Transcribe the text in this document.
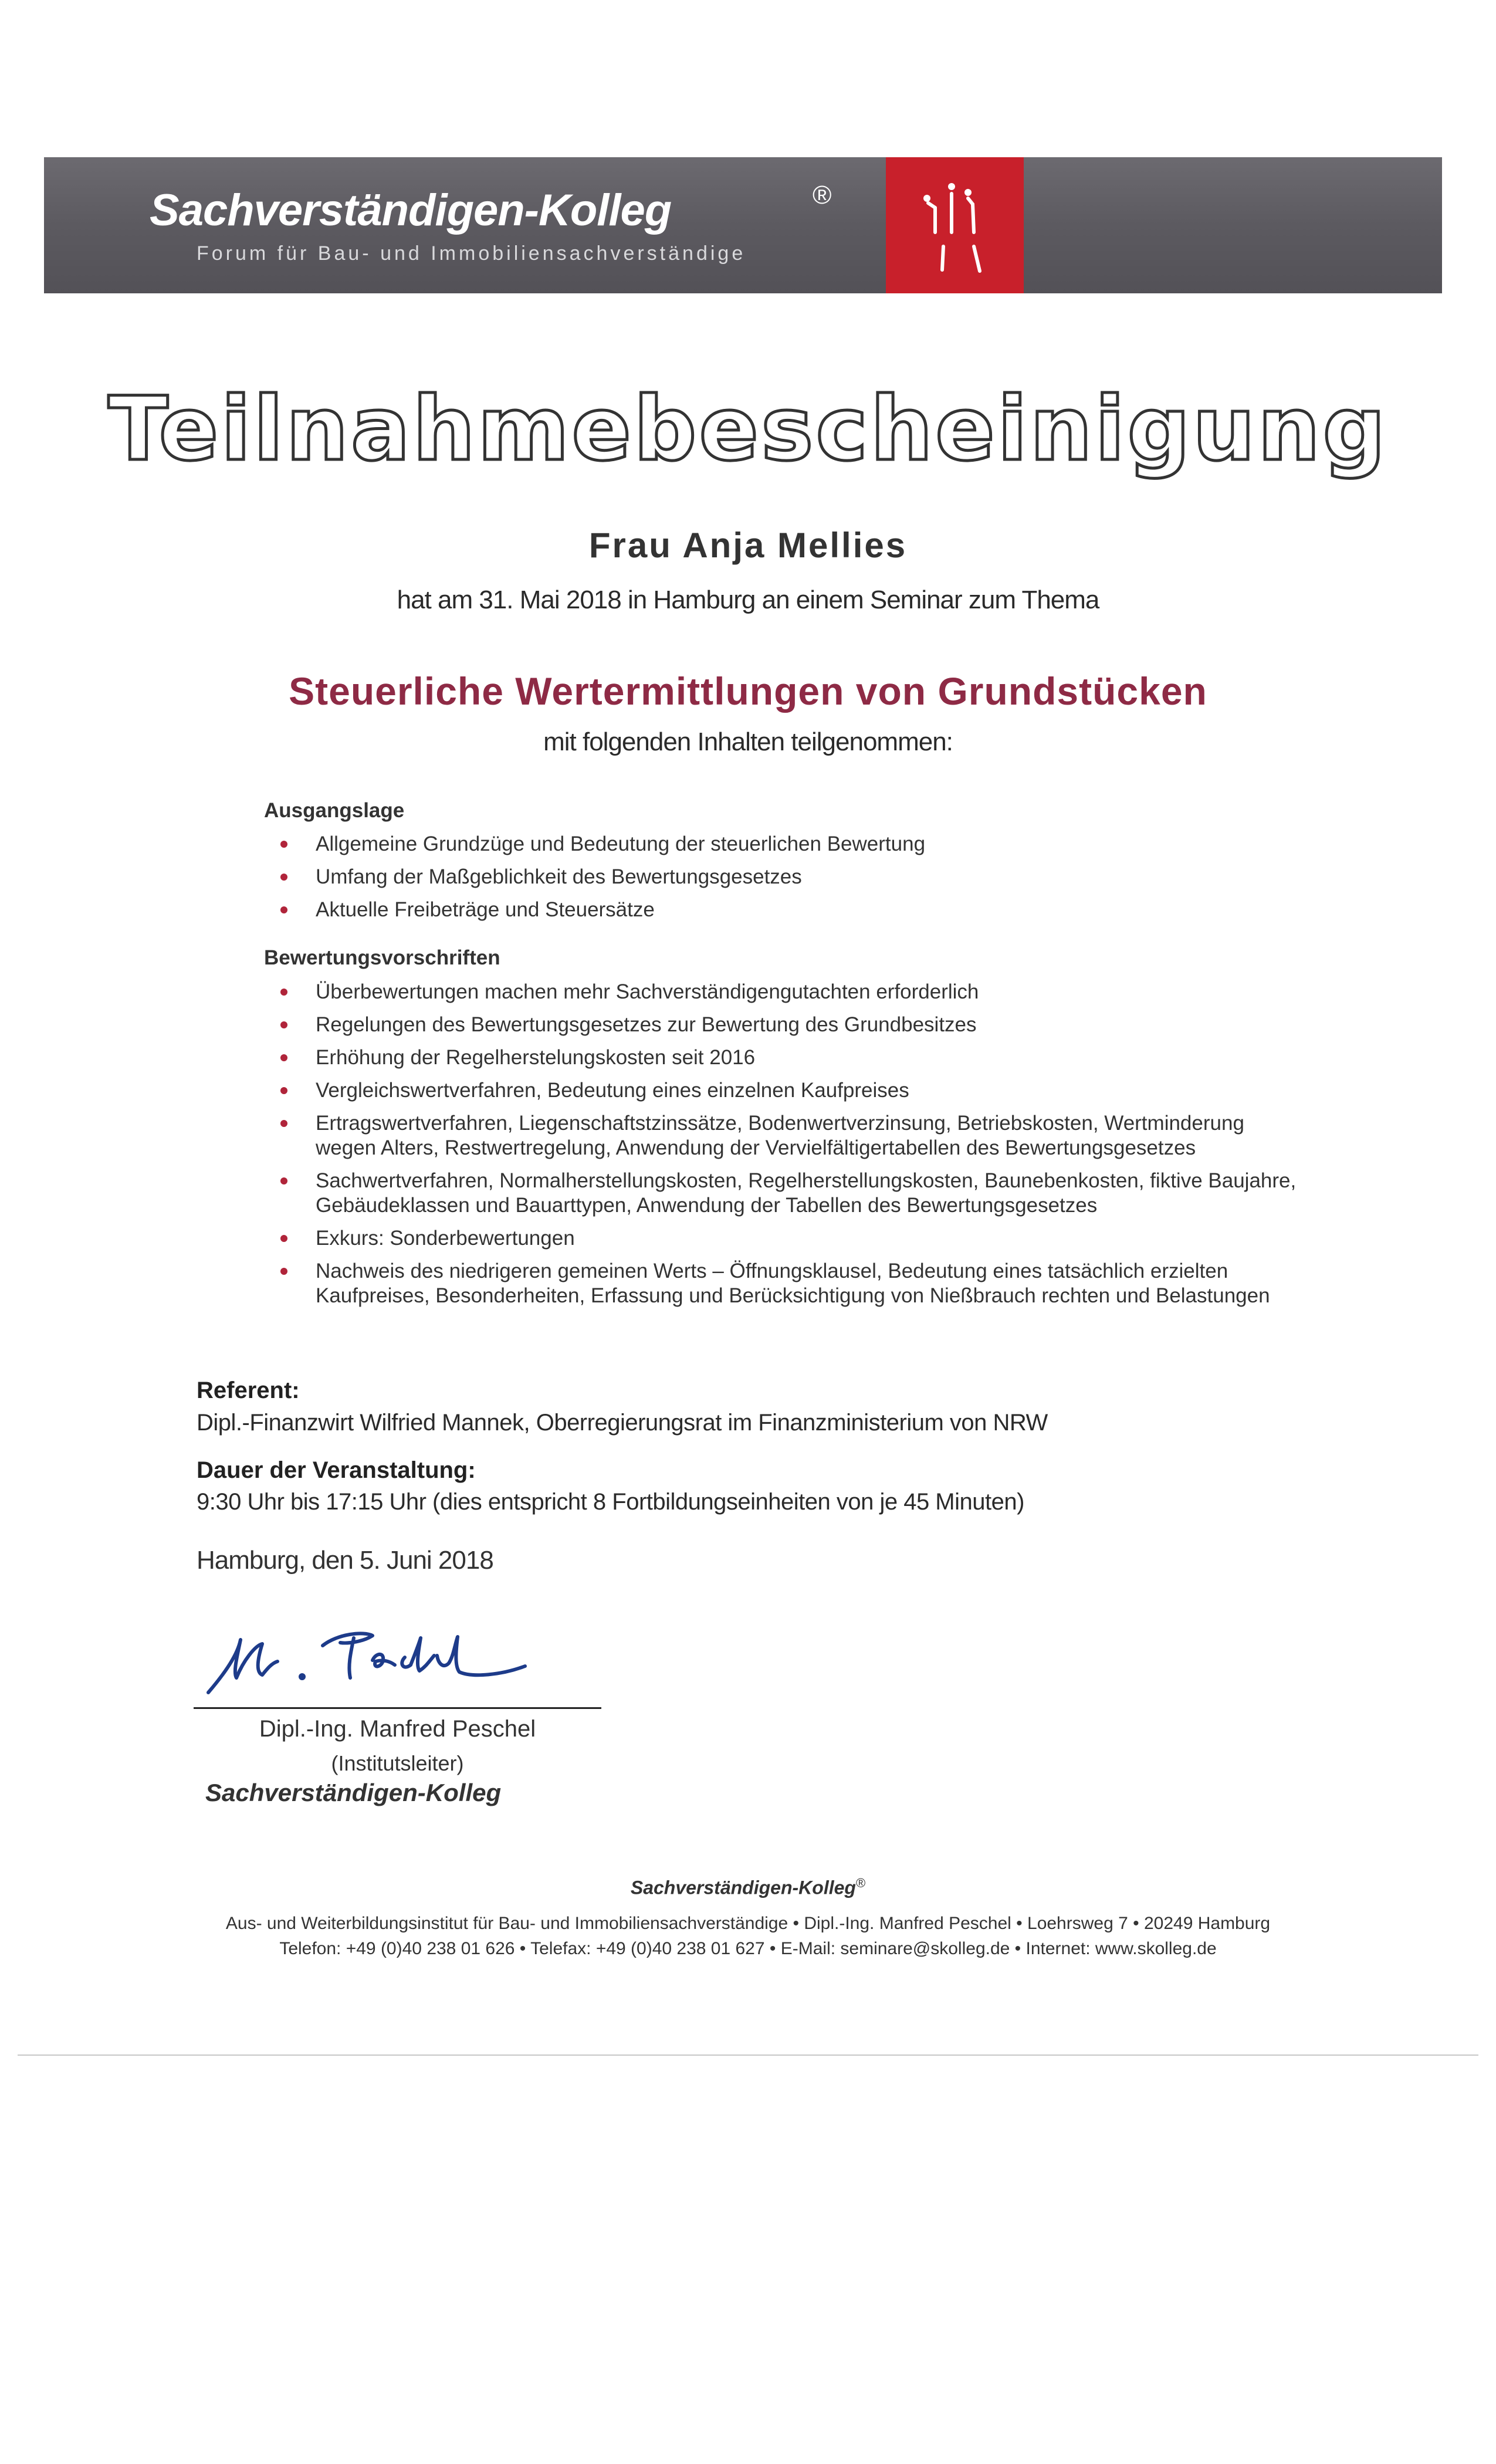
Sachverständigen-Kolleg	®
Forum für Bau- und Immobiliensachverständige
Teilnahmebescheinigung
Frau Anja Mellies
hat am 31. Mai 2018 in Hamburg an einem Seminar zum Thema
Steuerliche Wertermittlungen von Grundstücken
mit folgenden Inhalten teilgenommen:
Ausgangslage
Allgemeine Grundzüge und Bedeutung der steuerlichen Bewertung
Umfang der Maßgeblichkeit des Bewertungsgesetzes
Aktuelle Freibeträge und Steuersätze
Bewertungsvorschriften
Überbewertungen machen mehr Sachverständigengutachten erforderlich
Regelungen des Bewertungsgesetzes zur Bewertung des Grundbesitzes
Erhöhung der Regelherstelungskosten seit 2016
Vergleichswertverfahren, Bedeutung eines einzelnen Kaufpreises
Ertragswertverfahren, Liegenschaftstzinssätze, Bodenwertverzinsung, Betriebskosten, Wertminderung wegen Alters, Restwertregelung, Anwendung der Vervielfältigertabellen des Bewertungsgesetzes
Sachwertverfahren, Normalherstellungskosten, Regelherstellungskosten, Baunebenkosten, fiktive Baujahre, Gebäudeklassen und Bauarttypen, Anwendung der Tabellen des Bewertungsgesetzes
Exkurs: Sonderbewertungen
Nachweis des niedrigeren gemeinen Werts – Öffnungsklausel, Bedeutung eines tatsächlich erzielten Kaufpreises, Besonderheiten, Erfassung und Berücksichtigung von Nießbrauch rechten und Belastungen
Referent:
Dipl.-Finanzwirt Wilfried Mannek, Oberregierungsrat im Finanzministerium von NRW
Dauer der Veranstaltung:
9:30 Uhr bis 17:15 Uhr (dies entspricht 8 Fortbildungseinheiten von je 45 Minuten)
Hamburg, den 5. Juni 2018
Dipl.-Ing. Manfred Peschel
(Institutsleiter)
Sachverständigen-Kolleg
Sachverständigen-Kolleg®
Aus- und Weiterbildungsinstitut für Bau- und Immobiliensachverständige • Dipl.-Ing. Manfred Peschel • Loehrsweg 7 • 20249 Hamburg
Telefon: +49 (0)40 238 01 626 • Telefax: +49 (0)40 238 01 627 • E-Mail: seminare@skolleg.de • Internet: www.skolleg.de
